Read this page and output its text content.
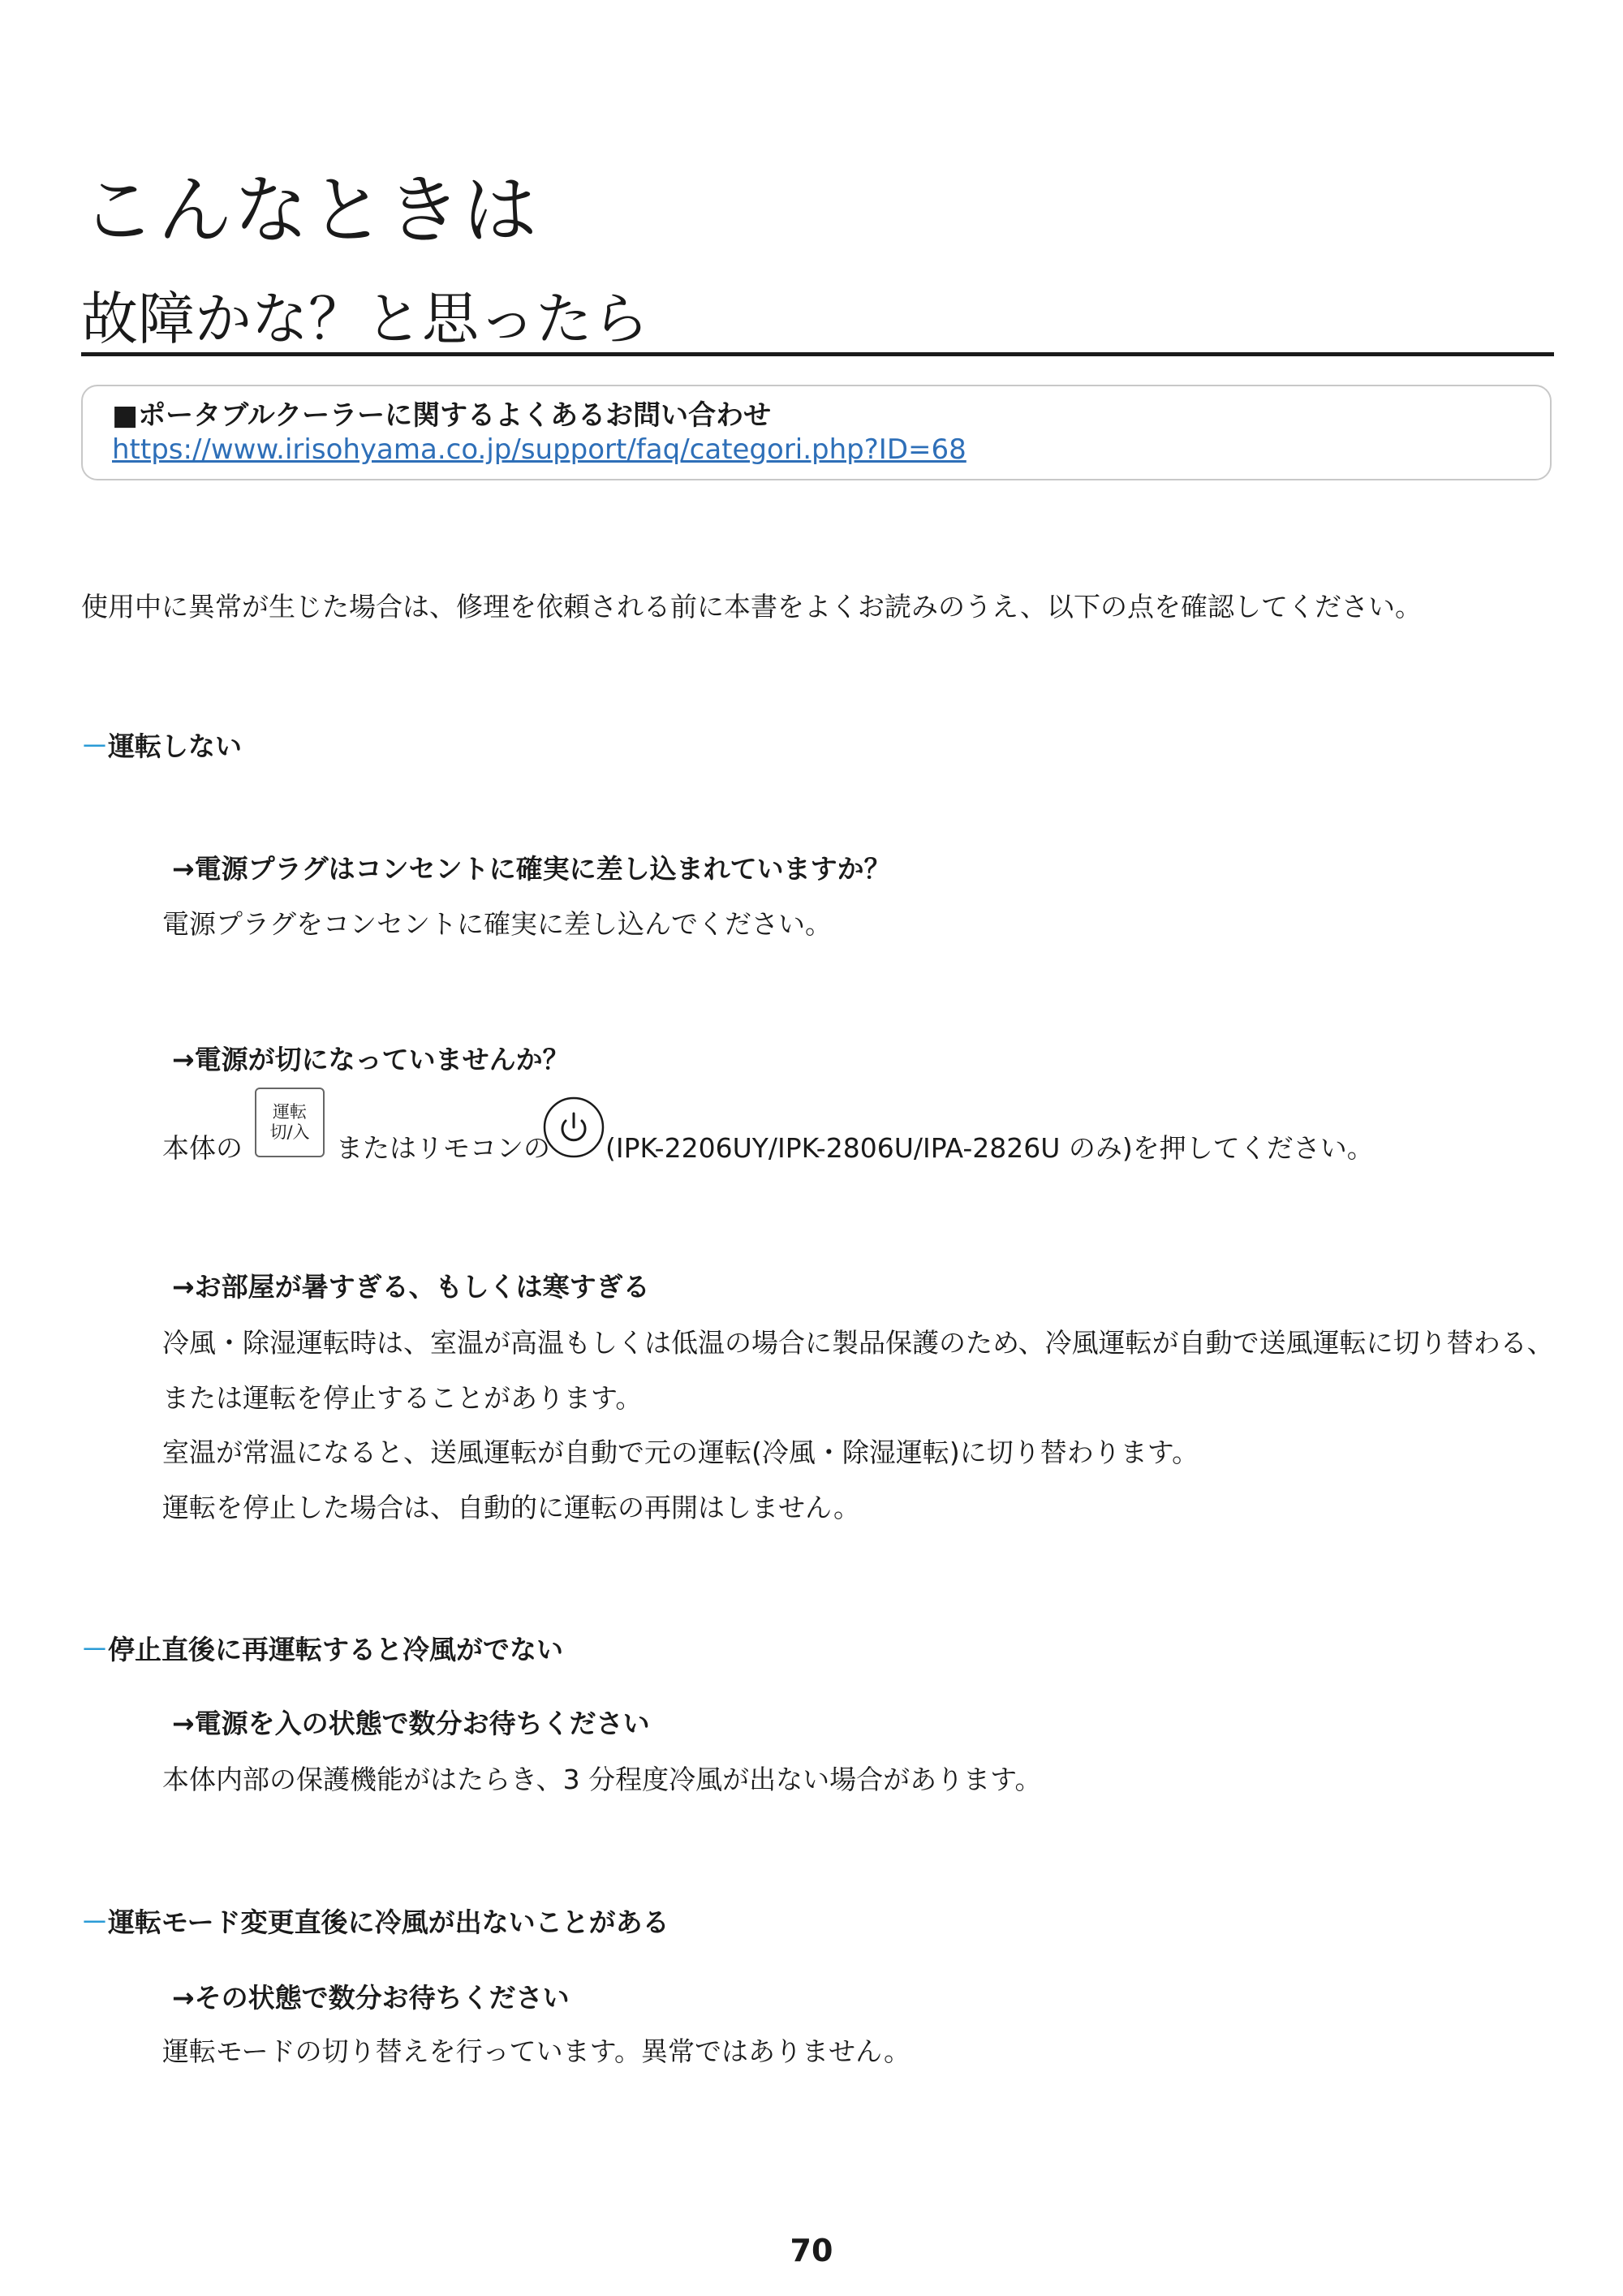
こんなときは
故障かな？と思ったら
■ポータブルクーラーに関するよくあるお問い合わせ
https://www.irisohyama.co.jp/support/faq/categori.php?ID=68
使用中に異常が生じた場合は、修理を依頼される前に本書をよくお読みのうえ、以下の点を確認してください。
－運転しない
→電源プラグはコンセントに確実に差し込まれていますか？
電源プラグをコンセントに確実に差し込んでください。
→電源が切になっていませんか？
本体の
運転
切/入 またはリモコンの (IPK-2206UY/IPK-2806U/IPA-2826U のみ)を押してください。
→お部屋が暑すぎる、もしくは寒すぎる
冷風・除湿運転時は、室温が高温もしくは低温の場合に製品保護のため、冷風運転が自動で送風運転に切り替わる、
または運転を停止することがあります。
室温が常温になると、送風運転が自動で元の運転(冷風・除湿運転)に切り替わります。
運転を停止した場合は、自動的に運転の再開はしません。
－停止直後に再運転すると冷風がでない
→電源を入の状態で数分お待ちください
本体内部の保護機能がはたらき、3 分程度冷風が出ない場合があります。
－運転モード変更直後に冷風が出ないことがある
→その状態で数分お待ちください
運転モードの切り替えを行っています。異常ではありません。
70
